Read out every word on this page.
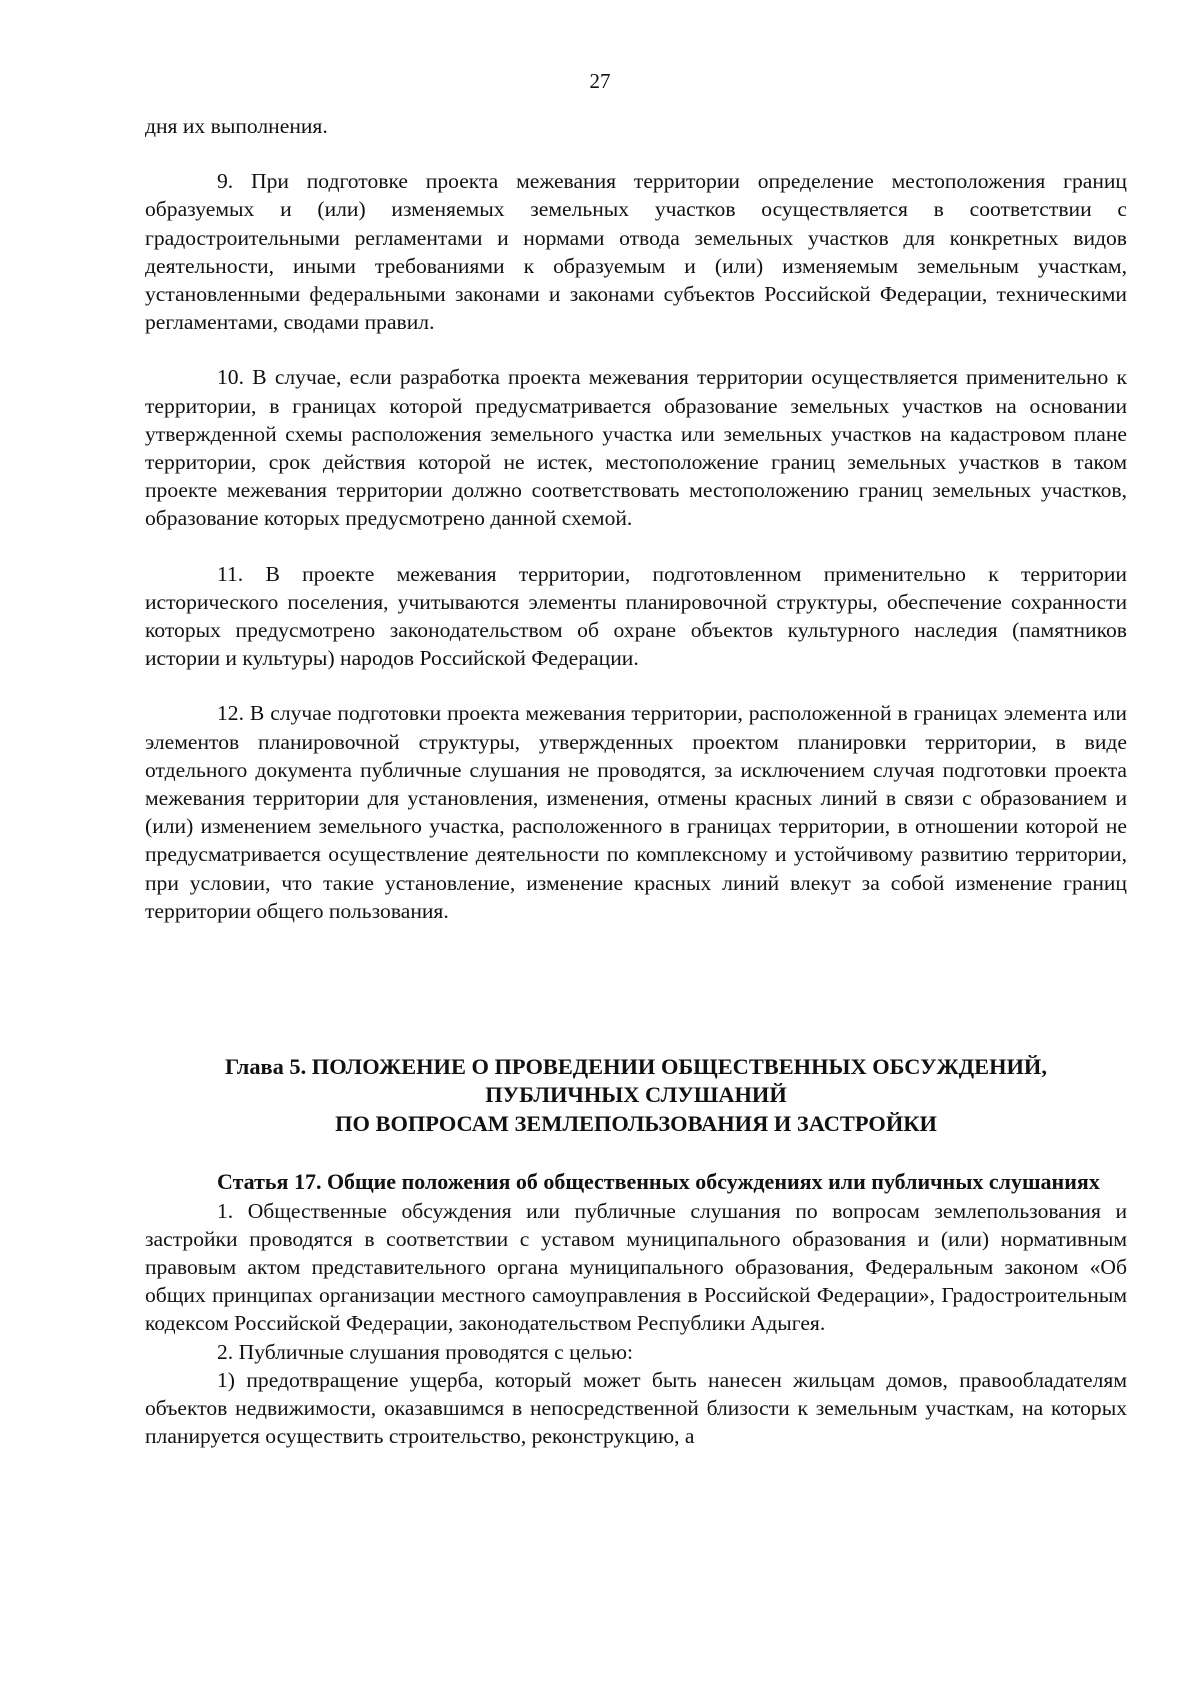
27

дня их выполнения.

9. При подготовке проекта межевания территории определение местоположения границ образуемых и (или) изменяемых земельных участков осуществляется в соответствии с градостроительными регламентами и нормами отвода земельных участков для конкретных видов деятельности, иными требованиями к образуемым и (или) изменяемым земельным участкам, установленными федеральными законами и законами субъектов Российской Федерации, техническими регламентами, сводами правил.

10. В случае, если разработка проекта межевания территории осуществляется применительно к территории, в границах которой предусматривается образование земельных участков на основании утвержденной схемы расположения земельного участка или земельных участков на кадастровом плане территории, срок действия которой не истек, местоположение границ земельных участков в таком проекте межевания территории должно соответствовать местоположению границ земельных участков, образование которых предусмотрено данной схемой.

11. В проекте межевания территории, подготовленном применительно к территории исторического поселения, учитываются элементы планировочной структуры, обеспечение сохранности которых предусмотрено законодательством об охране объектов культурного наследия (памятников истории и культуры) народов Российской Федерации.

12. В случае подготовки проекта межевания территории, расположенной в границах элемента или элементов планировочной структуры, утвержденных проектом планировки территории, в виде отдельного документа публичные слушания не проводятся, за исключением случая подготовки проекта межевания территории для установления, изменения, отмены красных линий в связи с образованием и (или) изменением земельного участка, расположенного в границах территории, в отношении которой не предусматривается осуществление деятельности по комплексному и устойчивому развитию территории, при условии, что такие установление, изменение красных линий влекут за собой изменение границ территории общего пользования.

Глава 5. ПОЛОЖЕНИЕ О ПРОВЕДЕНИИ ОБЩЕСТВЕННЫХ ОБСУЖДЕНИЙ,
ПУБЛИЧНЫХ СЛУШАНИЙ
ПО ВОПРОСАМ ЗЕМЛЕПОЛЬЗОВАНИЯ И ЗАСТРОЙКИ

Статья 17. Общие положения об общественных обсуждениях или публичных слушаниях

1. Общественные обсуждения или публичные слушания по вопросам землепользования и застройки проводятся в соответствии с уставом муниципального образования и (или) нормативным правовым актом представительного органа муниципального образования, Федеральным законом «Об общих принципах организации местного самоуправления в Российской Федерации», Градостроительным кодексом Российской Федерации, законодательством Республики Адыгея.

2. Публичные слушания проводятся с целью:

1) предотвращение ущерба, который может быть нанесен жильцам домов, правообладателям объектов недвижимости, оказавшимся в непосредственной близости к земельным участкам, на которых планируется осуществить строительство, реконструкцию, а
